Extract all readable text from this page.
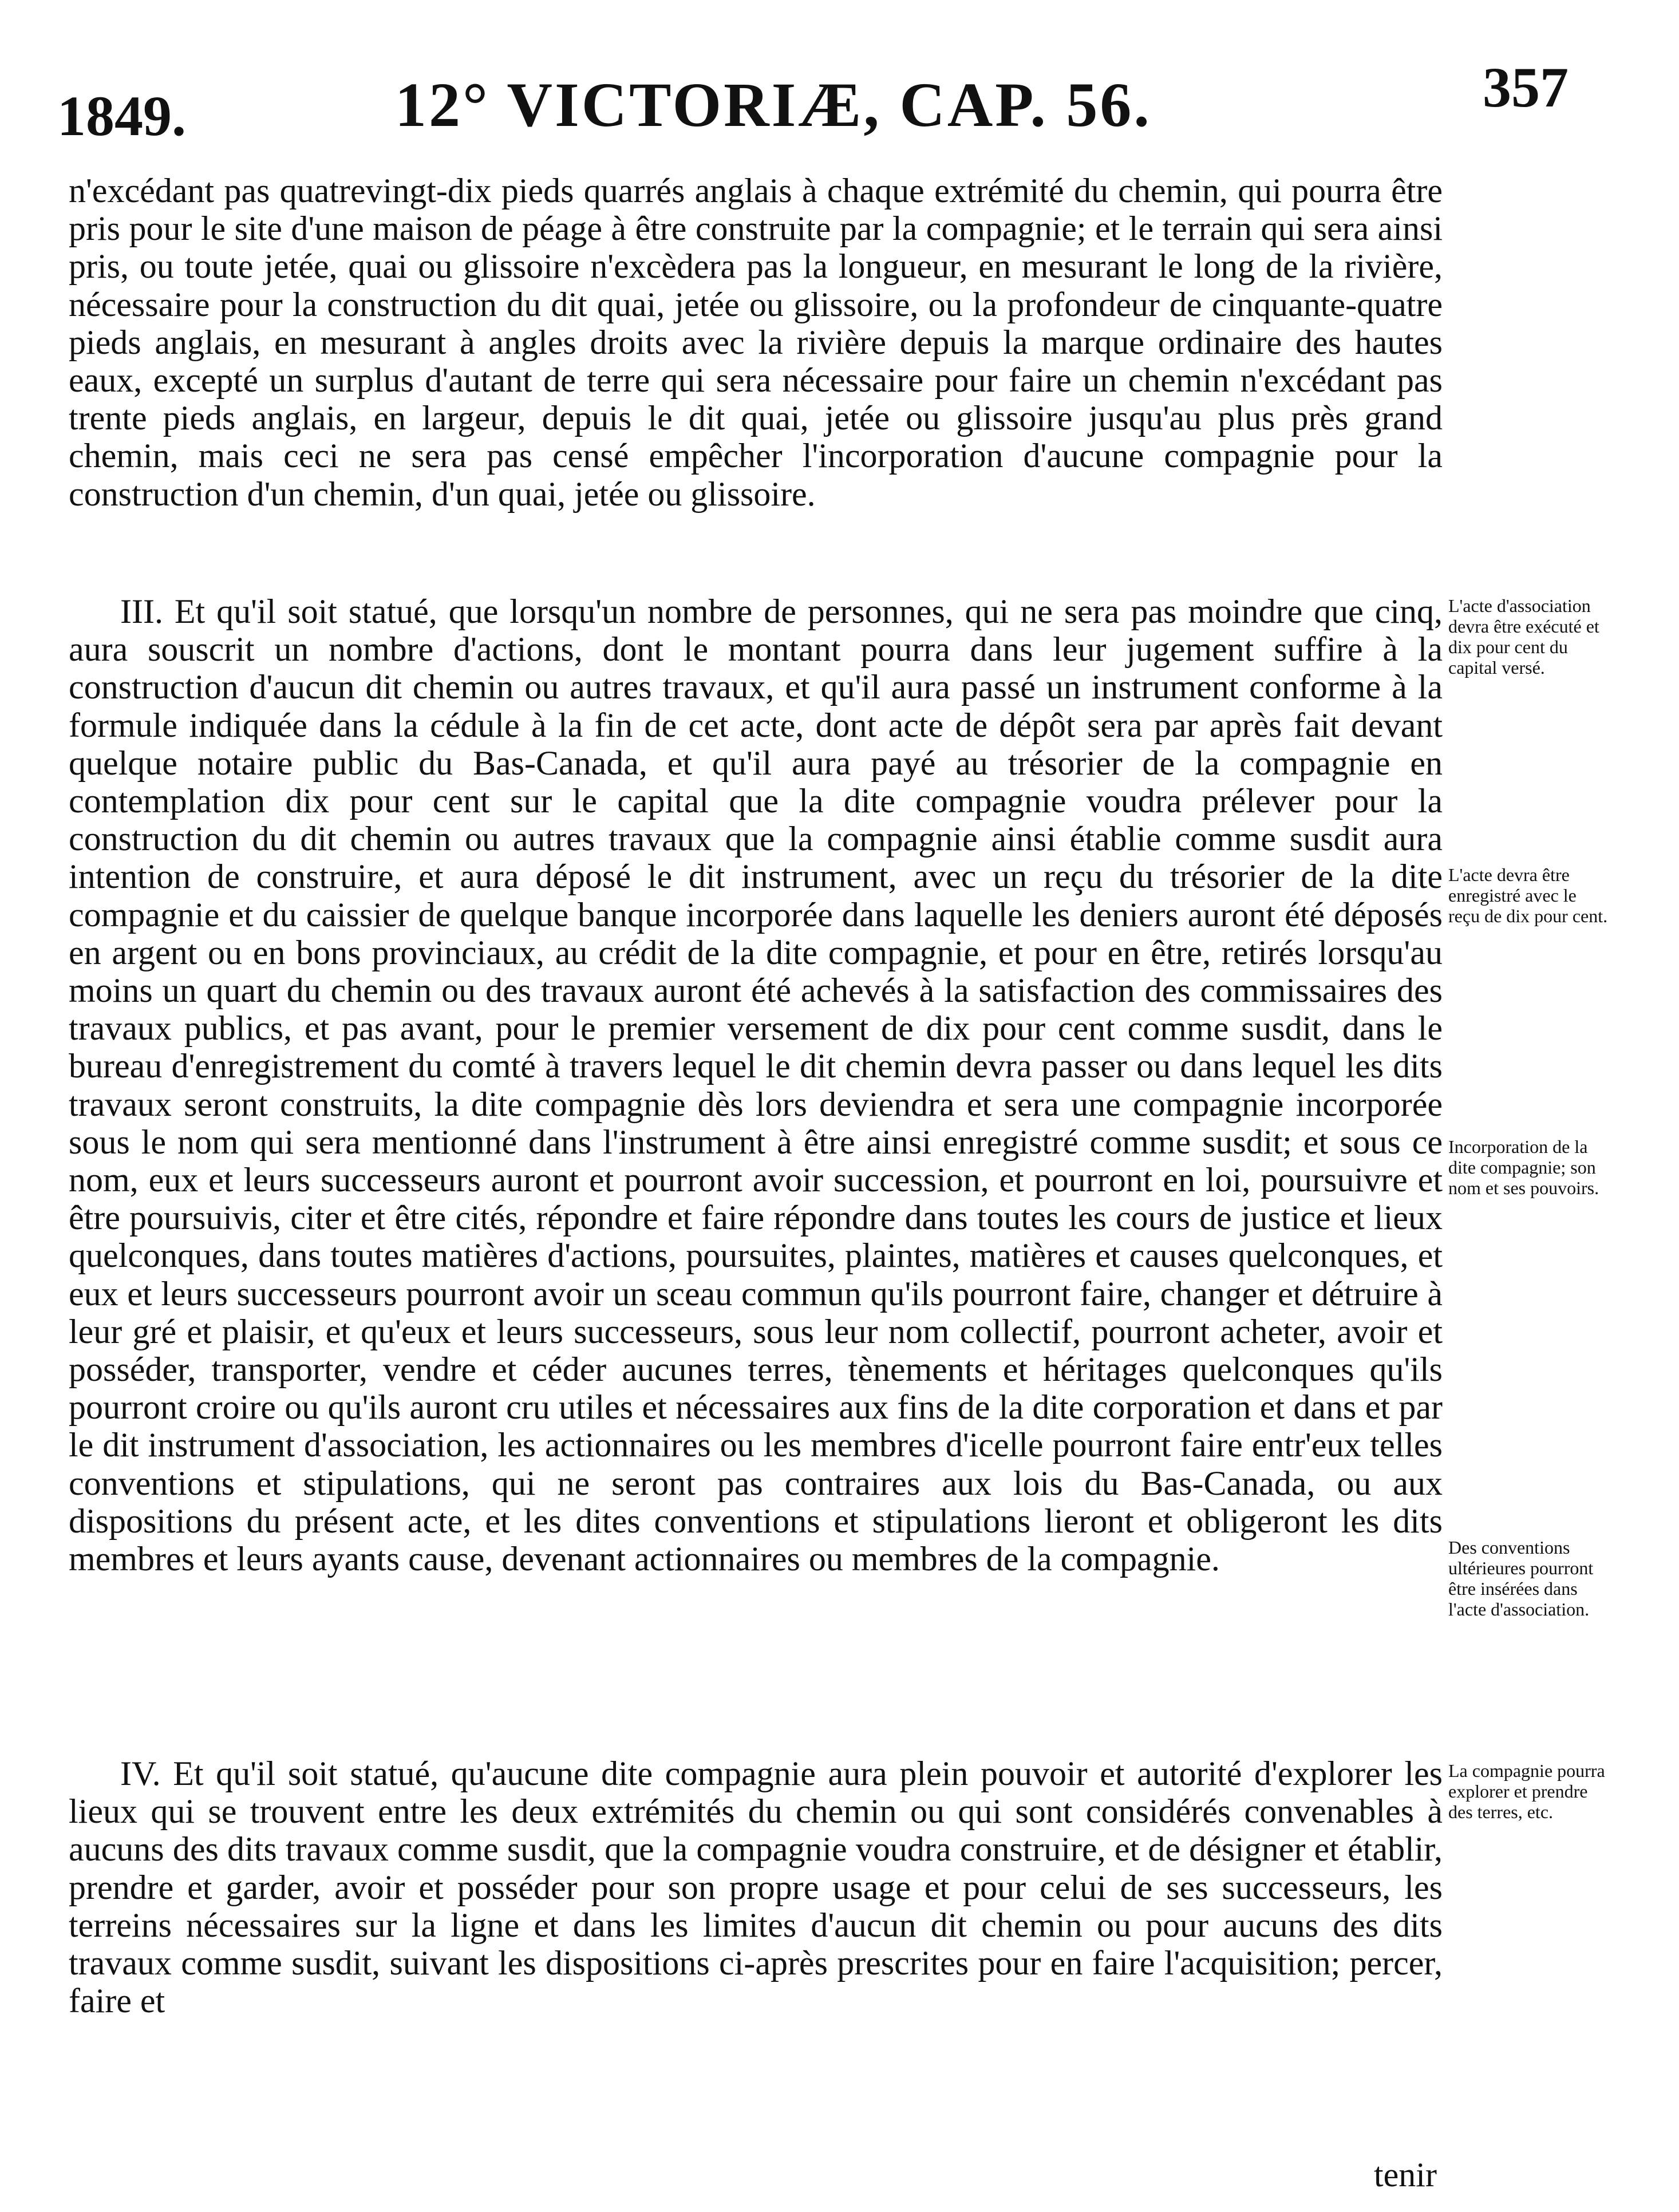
1849.	12° VICTORIÆ, CAP. 56.	357

n'excédant pas quatrevingt-dix pieds quarrés anglais à chaque extrémité du chemin, qui pourra être pris pour le site d'une maison de péage à être construite par la compagnie; et le terrain qui sera ainsi pris, ou toute jetée, quai ou glissoire n'excèdera pas la longueur, en mesurant le long de la rivière, nécessaire pour la construction du dit quai, jetée ou glissoire, ou la profondeur de cinquante-quatre pieds anglais, en mesurant à angles droits avec la rivière depuis la marque ordinaire des hautes eaux, excepté un surplus d'autant de terre qui sera nécessaire pour faire un chemin n'excédant pas trente pieds anglais, en largeur, depuis le dit quai, jetée ou glissoire jusqu'au plus près grand chemin, mais ceci ne sera pas censé empêcher l'incorporation d'aucune compagnie pour la construction d'un chemin, d'un quai, jetée ou glissoire.

III. Et qu'il soit statué, que lorsqu'un nombre de personnes, qui ne sera pas moindre que cinq, aura souscrit un nombre d'actions, dont le montant pourra dans leur jugement suffire à la construction d'aucun dit chemin ou autres travaux, et qu'il aura passé un instrument conforme à la formule indiquée dans la cédule à la fin de cet acte, dont acte de dépôt sera par après fait devant quelque notaire public du Bas-Canada, et qu'il aura payé au trésorier de la compagnie en contemplation dix pour cent sur le capital que la dite compagnie voudra prélever pour la construction du dit chemin ou autres travaux que la compagnie ainsi établie comme susdit aura intention de construire, et aura déposé le dit instrument, avec un reçu du trésorier de la dite compagnie et du caissier de quelque banque incorporée dans laquelle les deniers auront été déposés en argent ou en bons provinciaux, au crédit de la dite compagnie, et pour en être, retirés lorsqu'au moins un quart du chemin ou des travaux auront été achevés à la satisfaction des commissaires des travaux publics, et pas avant, pour le premier versement de dix pour cent comme susdit, dans le bureau d'enregistrement du comté à travers lequel le dit chemin devra passer ou dans lequel les dits travaux seront construits, la dite compagnie dès lors deviendra et sera une compagnie incorporée sous le nom qui sera mentionné dans l'instrument à être ainsi enregistré comme susdit; et sous ce nom, eux et leurs successeurs auront et pourront avoir succession, et pourront en loi, poursuivre et être poursuivis, citer et être cités, répondre et faire répondre dans toutes les cours de justice et lieux quelconques, dans toutes matières d'actions, poursuites, plaintes, matières et causes quelconques, et eux et leurs successeurs pourront avoir un sceau commun qu'ils pourront faire, changer et détruire à leur gré et plaisir, et qu'eux et leurs successeurs, sous leur nom collectif, pourront acheter, avoir et posséder, transporter, vendre et céder aucunes terres, tènements et héritages quelconques qu'ils pourront croire ou qu'ils auront cru utiles et nécessaires aux fins de la dite corporation et dans et par le dit instrument d'association, les actionnaires ou les membres d'icelle pourront faire entr'eux telles conventions et stipulations, qui ne seront pas contraires aux lois du Bas-Canada, ou aux dispositions du présent acte, et les dites conventions et stipulations lieront et obligeront les dits membres et leurs ayants cause, devenant actionnaires ou membres de la compagnie.

IV. Et qu'il soit statué, qu'aucune dite compagnie aura plein pouvoir et autorité d'explorer les lieux qui se trouvent entre les deux extrémités du chemin ou qui sont considérés convenables à aucuns des dits travaux comme susdit, que la compagnie voudra construire, et de désigner et établir, prendre et garder, avoir et posséder pour son propre usage et pour celui de ses successeurs, les terreins nécessaires sur la ligne et dans les limites d'aucun dit chemin ou pour aucuns des dits travaux comme susdit, suivant les dispositions ci-après prescrites pour en faire l'acquisition; percer, faire et

tenir
L'acte d'association devra être exécuté et dix pour cent du capital versé.
L'acte devra être enregistré avec le reçu de dix pour cent.
Incorporation de la dite compagnie; son nom et ses pouvoirs.
Des conventions ultérieures pourront être insérées dans l'acte d'association.
La compagnie pourra explorer et prendre des terres, etc.
